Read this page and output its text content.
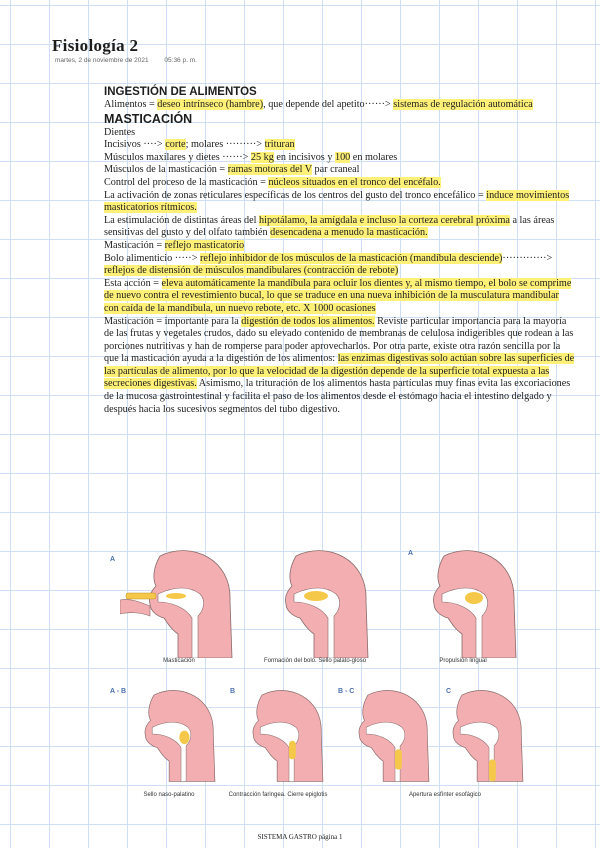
Fisiología 2
martes, 2 de noviembre de 2021 05:36 p. m.

INGESTIÓN DE ALIMENTOS

Alimentos = deseo intrínseco (hambre), que depende del apetito······> sistemas de regulación automática

MASTICACIÓN

Dientes

Incisivos ····> corte; molares ·········> trituran

Músculos maxilares y dietes ······> 25 kg en incisivos y 100 en molares

Músculos de la masticación = ramas motoras del V par craneal

Control del proceso de la masticación = núcleos situados en el tronco del encéfalo.

La activación de zonas reticulares específicas de los centros del gusto del tronco encefálico = induce movimientos masticatorios rítmicos.

La estimulación de distintas áreas del hipotálamo, la amígdala e incluso la corteza cerebral próxima a las áreas sensitivas del gusto y del olfato también desencadena a menudo la masticación.

Masticación = reflejo masticatorio

Bolo alimenticio ·····> reflejo inhibidor de los músculos de la masticación (mandíbula desciende)·············> reflejos de distensión de músculos mandibulares (contracción de rebote)

Esta acción = eleva automáticamente la mandíbula para ocluir los dientes y, al mismo tiempo, el bolo se comprime de nuevo contra el revestimiento bucal, lo que se traduce en una nueva inhibición de la musculatura mandibular con caída de la mandíbula, un nuevo rebote, etc. X 1000 ocasiones

Masticación = importante para la digestión de todos los alimentos. Reviste particular importancia para la mayoría de las frutas y vegetales crudos, dado su elevado contenido de membranas de celulosa indigeribles que rodean a las porciones nutritivas y han de romperse para poder aprovecharlos. Por otra parte, existe otra razón sencilla por la que la masticación ayuda a la digestión de los alimentos: las enzimas digestivas solo actúan sobre las superficies de las partículas de alimento, por lo que la velocidad de la digestión depende de la superficie total expuesta a las secreciones digestivas. Asimismo, la trituración de los alimentos hasta partículas muy finas evita las excoriaciones de la mucosa gastrointestinal y facilita el paso de los alimentos desde el estómago hacia el intestino delgado y después hacia los sucesivos segmentos del tubo digestivo.

A
Masticación	Formación del bolo. Sello palato-gloso
A
Propulsión lingual
A - B
Sello naso-palatino
B
Contracción faringea. Cierre epiglotis
B - C	C
Apertura esfínter esofágico
SISTEMA GASTRO página 1
